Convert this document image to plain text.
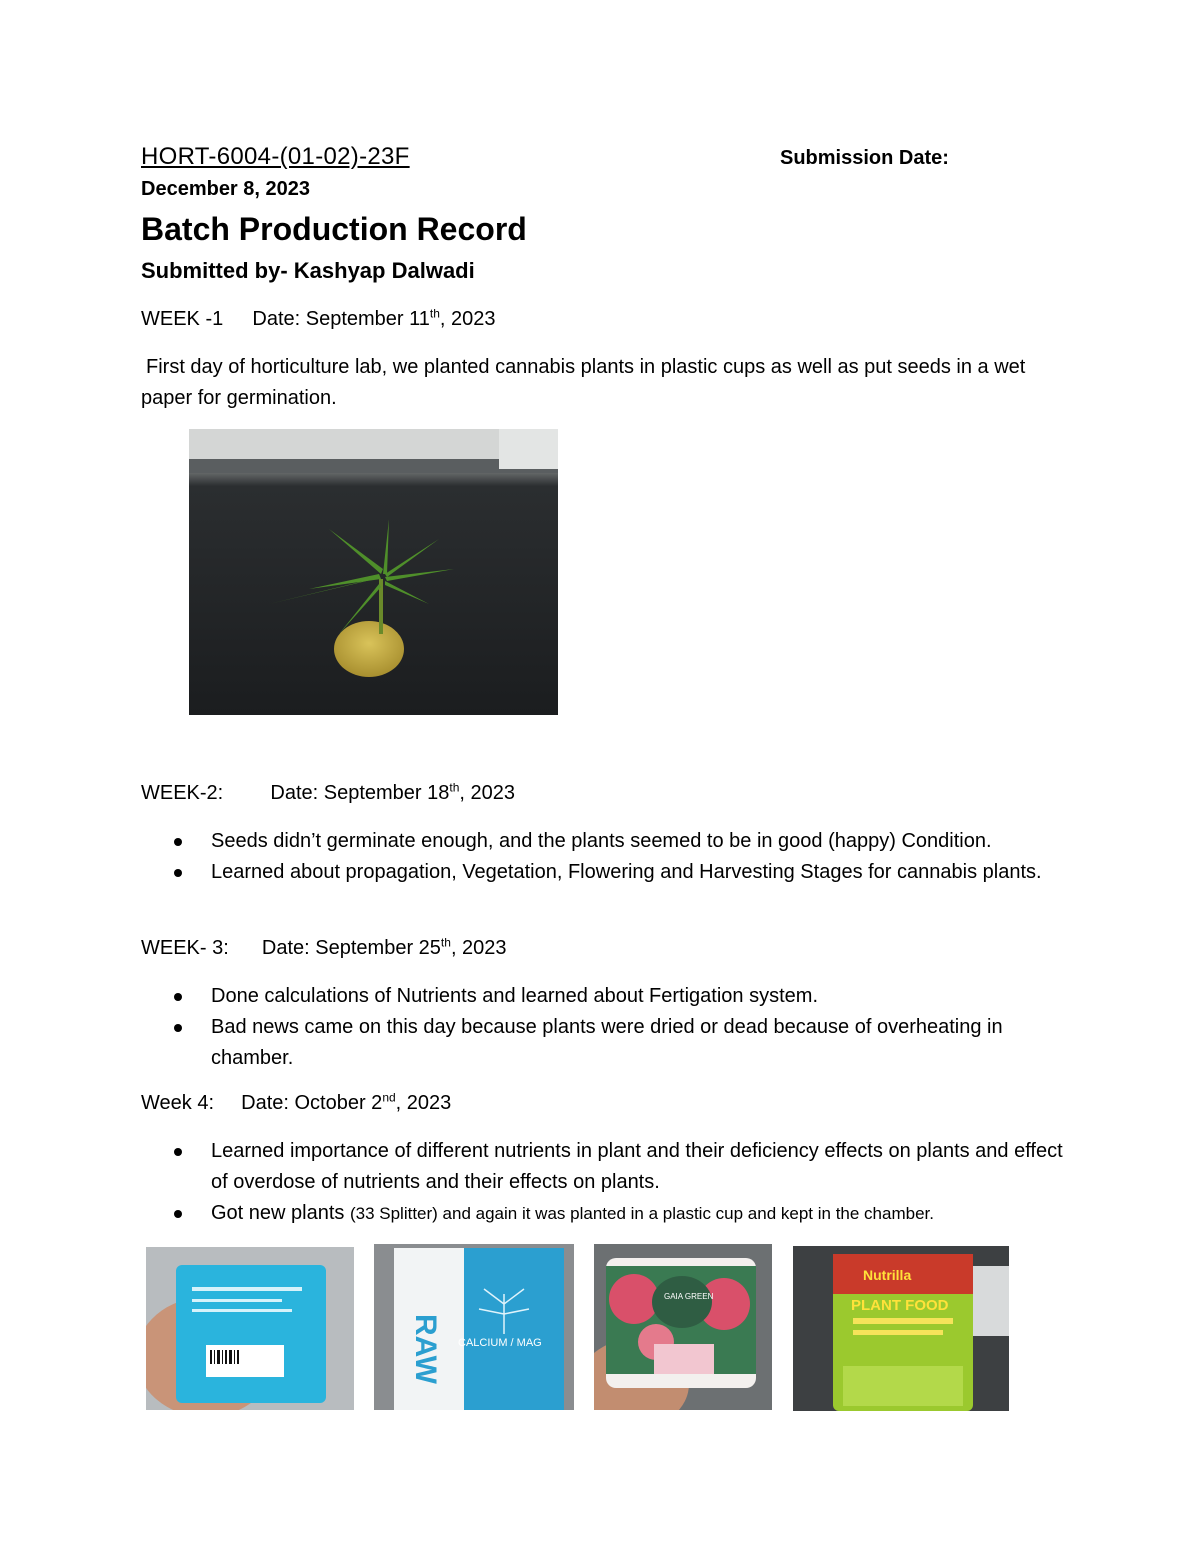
HORT-6004-(01-02)-23F	Submission Date:
December 8, 2023
Batch Production Record
Submitted by- Kashyap Dalwadi
WEEK -1 Date: September 11th, 2023
First day of horticulture lab, we planted cannabis plants in plastic cups as well as put seeds in a wet paper for germination.
WEEK-2: Date: September 18th, 2023
Seeds didn’t germinate enough, and the plants seemed to be in good (happy) Condition.
Learned about propagation, Vegetation, Flowering and Harvesting Stages for cannabis plants.
WEEK- 3: Date: September 25th, 2023
Done calculations of Nutrients and learned about Fertigation system.
Bad news came on this day because plants were dried or dead because of overheating in chamber.
Week 4: Date: October 2nd, 2023
Learned importance of different nutrients in plant and their deficiency effects on plants and effect of overdose of nutrients and their effects on plants.
Got new plants (33 Splitter) and again it was planted in a plastic cup and kept in the chamber.
RAW CALCIUM / MAG
GAIA GREEN
Nutrilla
PLANT FOOD
